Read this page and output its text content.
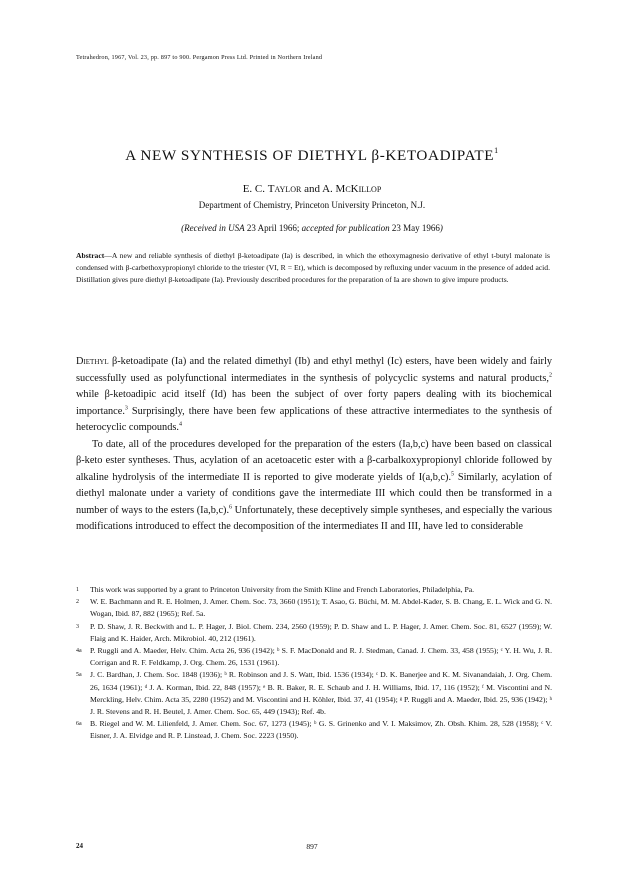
Tetrahedron, 1967, Vol. 23, pp. 897 to 900. Pergamon Press Ltd. Printed in Northern Ireland
A NEW SYNTHESIS OF DIETHYL β-KETOADIPATE$^1$
E. C. Taylor and A. McKillop
Department of Chemistry, Princeton University Princeton, N.J.
(Received in USA 23 April 1966; accepted for publication 23 May 1966)
Abstract—A new and reliable synthesis of diethyl β-ketoadipate (Ia) is described, in which the ethoxymagnesio derivative of ethyl t-butyl malonate is condensed with β-carbethoxypropionyl chloride to the triester (VI, R = Et), which is decomposed by refluxing under vacuum in the presence of added acid. Distillation gives pure diethyl β-ketoadipate (Ia). Previously described procedures for the preparation of Ia are shown to give impure products.

Diethyl β-ketoadipate (Ia) and the related dimethyl (Ib) and ethyl methyl (Ic) esters, have been widely and fairly successfully used as polyfunctional intermediates in the synthesis of polycyclic systems and natural products,$^2$ while β-ketoadipic acid itself (Id) has been the subject of over forty papers dealing with its biochemical importance.$^3$ Surprisingly, there have been few applications of these attractive intermediates to the synthesis of heterocyclic compounds.$^4$

To date, all of the procedures developed for the preparation of the esters (Ia,b,c) have been based on classical β-keto ester syntheses. Thus, acylation of an acetoacetic ester with a β-carbalkoxypropionyl chloride followed by alkaline hydrolysis of the intermediate II is reported to give moderate yields of I(a,b,c).$^5$ Similarly, acylation of diethyl malonate under a variety of conditions gave the intermediate III which could then be transformed in a number of ways to the esters (Ia,b,c).$^6$ Unfortunately, these deceptively simple syntheses, and especially the various modifications introduced to effect the decomposition of the intermediates II and III, have led to considerable

1 This work was supported by a grant to Princeton University from the Smith Kline and French Laboratories, Philadelphia, Pa.
2 W. E. Bachmann and R. E. Holmen, J. Amer. Chem. Soc. 73, 3660 (1951); T. Asao, G. Büchi, M. M. Abdel-Kader, S. B. Chang, E. L. Wick and G. N. Wogan, Ibid. 87, 882 (1965); Ref. 5a.
3 P. D. Shaw, J. R. Beckwith and L. P. Hager, J. Biol. Chem. 234, 2560 (1959); P. D. Shaw and L. P. Hager, J. Amer. Chem. Soc. 81, 6527 (1959); W. Flaig and K. Haider, Arch. Mikrobiol. 40, 212 (1961).
4a P. Ruggli and A. Maeder, Helv. Chim. Acta 26, 936 (1942); ᵇ S. F. MacDonald and R. J. Stedman, Canad. J. Chem. 33, 458 (1955); ᶜ Y. H. Wu, J. R. Corrigan and R. F. Feldkamp, J. Org. Chem. 26, 1531 (1961).
5a J. C. Bardhan, J. Chem. Soc. 1848 (1936); ᵇ R. Robinson and J. S. Watt, Ibid. 1536 (1934); ᶜ D. K. Banerjee and K. M. Sivanandaiah, J. Org. Chem. 26, 1634 (1961); ᵈ J. A. Korman, Ibid. 22, 848 (1957); ᵉ B. R. Baker, R. E. Schaub and J. H. Williams, Ibid. 17, 116 (1952); ᶠ M. Viscontini and N. Merckling, Helv. Chim. Acta 35, 2280 (1952) and M. Viscontini and H. Köhler, Ibid. 37, 41 (1954); ᵍ P. Ruggli and A. Maeder, Ibid. 25, 936 (1942); ʰ J. R. Stevens and R. H. Beutel, J. Amer. Chem. Soc. 65, 449 (1943); Ref. 4b.
6a B. Riegel and W. M. Lilienfeld, J. Amer. Chem. Soc. 67, 1273 (1945); ᵇ G. S. Grinenko and V. I. Maksimov, Zh. Obsh. Khim. 28, 528 (1958); ᶜ V. Eisner, J. A. Elvidge and R. P. Linstead, J. Chem. Soc. 2223 (1950).
24	897
